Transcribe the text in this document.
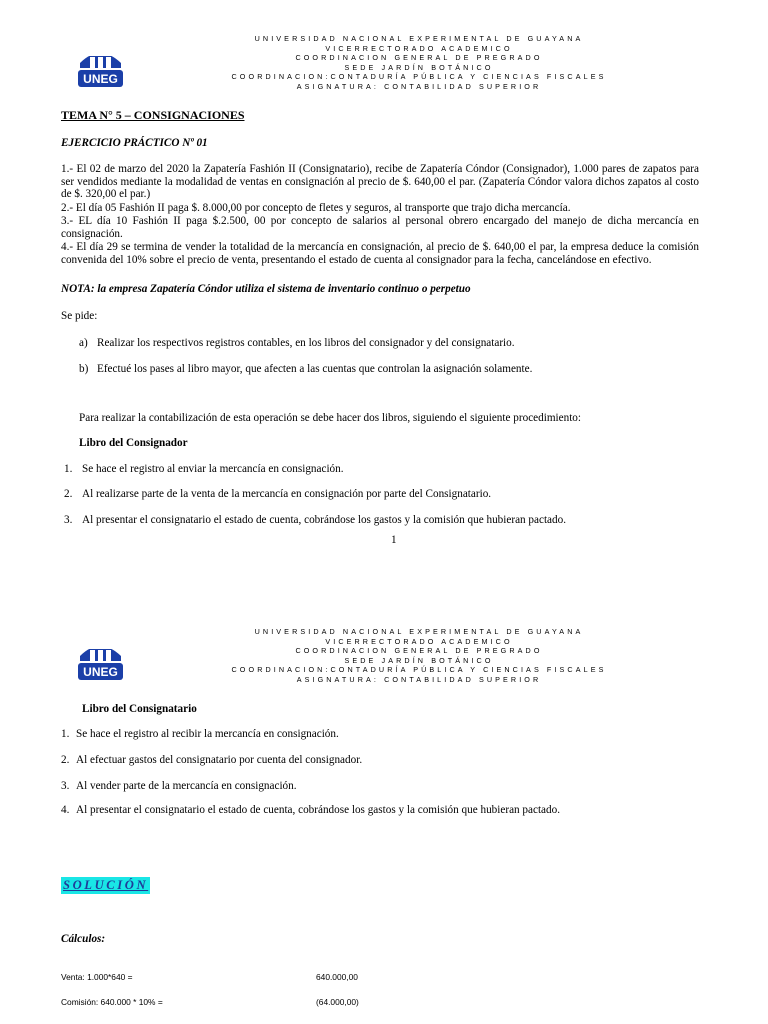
UNEG
UNIVERSIDAD NACIONAL EXPERIMENTAL DE GUAYANA
VICERRECTORADO ACADEMICO
COORDINACION GENERAL DE PREGRADO
SEDE JARDÍN BOTÁNICO
COORDINACION:CONTADURÍA PÚBLICA Y CIENCIAS FISCALES
ASIGNATURA: CONTABILIDAD SUPERIOR
TEMA N° 5 – CONSIGNACIONES
EJERCICIO PRÁCTICO Nº 01
1.- El 02 de marzo del 2020 la Zapatería Fashión II (Consignatario), recibe de Zapatería Cóndor (Consignador), 1.000 pares de zapatos para ser vendidos mediante la modalidad de ventas en consignación al precio de $. 640,00 el par. (Zapatería Cóndor valora dichos zapatos al costo de $. 320,00 el par.)
2.- El día 05 Fashión II paga $. 8.000,00 por concepto de fletes y seguros, al transporte que trajo dicha mercancía.
3.- EL día 10 Fashión II paga $.2.500, 00 por concepto de salarios al personal obrero encargado del manejo de dicha mercancía en consignación.
4.- El día 29 se termina de vender la totalidad de la mercancía en consignación, al precio de $. 640,00 el par, la empresa deduce la comisión convenida del 10% sobre el precio de venta, presentando el estado de cuenta al consignador para la fecha, cancelándose en efectivo.
NOTA: la empresa Zapatería Cóndor utiliza el sistema de inventario continuo o perpetuo
Se pide:
a) Realizar los respectivos registros contables, en los libros del consignador y del consignatario.
b) Efectué los pases al libro mayor, que afecten a las cuentas que controlan la asignación solamente.
Para realizar la contabilización de esta operación se debe hacer dos libros, siguiendo el siguiente procedimiento:
Libro del Consignador
1. Se hace el registro al enviar la mercancía en consignación.
2. Al realizarse parte de la venta de la mercancía en consignación por parte del Consignatario.
3. Al presentar el consignatario el estado de cuenta, cobrándose los gastos y la comisión que hubieran pactado.
1
UNEG
UNIVERSIDAD NACIONAL EXPERIMENTAL DE GUAYANA
VICERRECTORADO ACADEMICO
COORDINACION GENERAL DE PREGRADO
SEDE JARDÍN BOTÁNICO
COORDINACION:CONTADURÍA PÚBLICA Y CIENCIAS FISCALES
ASIGNATURA: CONTABILIDAD SUPERIOR
Libro del Consignatario
1. Se hace el registro al recibir la mercancía en consignación.
2. Al efectuar gastos del consignatario por cuenta del consignador.
3. Al vender parte de la mercancía en consignación.
4. Al presentar el consignatario el estado de cuenta, cobrándose los gastos y la comisión que hubieran pactado.
SOLUCIÓN
Cálculos:
Venta: 1.000*640 =	640.000,00
Comisión: 640.000 * 10% =	(64.000,00)
